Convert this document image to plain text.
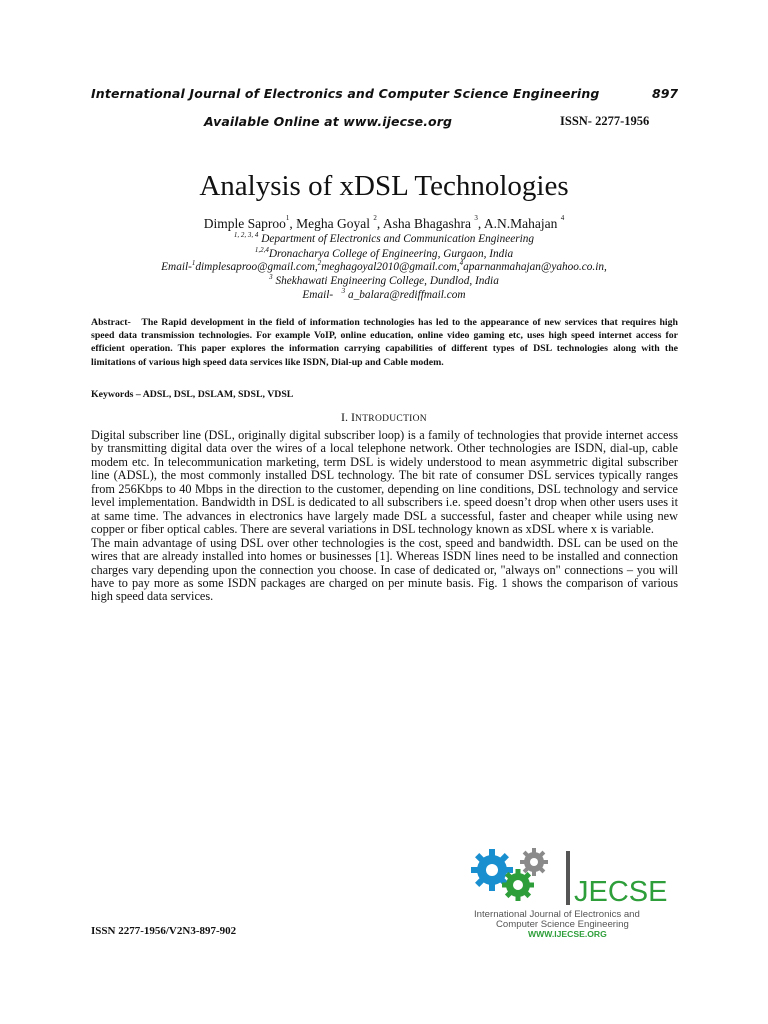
International Journal of Electronics and Computer Science Engineering	897
Available Online at www.ijecse.org	ISSN- 2277-1956
Analysis of xDSL Technologies
Dimple Saproo$^1$, Megha Goyal $^2$, Asha Bhagashra $^3$, A.N.Mahajan $^4$
$^{1, 2, 3, 4}$ Department of Electronics and Communication Engineering
$^{1,2,4}$Dronacharya College of Engineering, Gurgaon, India
Email-$^1$dimplesaproo@gmail.com,$^2$meghagoyal2010@gmail.com,$^4$aparnanmahajan@yahoo.co.in,
$^3$ Shekhawati Engineering College, Dundlod, India
Email- $^3$ a_balara@rediffmail.com
Abstract- The Rapid development in the field of information technologies has led to the appearance of new services that requires high speed data transmission technologies. For example VoIP, online education, online video gaming etc, uses high speed internet access for efficient operation. This paper explores the information carrying capabilities of different types of DSL technologies along with the limitations of various high speed data services like ISDN, Dial-up and Cable modem.
Keywords – ADSL, DSL, DSLAM, SDSL, VDSL
I. INTRODUCTION

Digital subscriber line (DSL, originally digital subscriber loop) is a family of technologies that provide internet access by transmitting digital data over the wires of a local telephone network. Other technologies are ISDN, dial-up, cable modem etc. In telecommunication marketing, term DSL is widely understood to mean asymmetric digital subscriber line (ADSL), the most commonly installed DSL technology. The bit rate of consumer DSL services typically ranges from 256Kbps to 40 Mbps in the direction to the customer, depending on line conditions, DSL technology and service level implementation. Bandwidth in DSL is dedicated to all subscribers i.e. speed doesn’t drop when other users uses it at same time. The advances in electronics have largely made DSL a successful, faster and cheaper while using new copper or fiber optical cables. There are several variations in DSL technology known as xDSL where x is variable.

The main advantage of using DSL over other technologies is the cost, speed and bandwidth. DSL can be used on the wires that are already installed into homes or businesses [1]. Whereas ISDN lines need to be installed and connection charges vary depending upon the connection you choose. In case of dedicated or, "always on" connections – you will have to pay more as some ISDN packages are charged on per minute basis. Fig. 1 shows the comparison of various high speed data services.

ISSN 2277-1956/V2N3-897-902
JECSE
International Journal of Electronics and
Computer Science Engineering
WWW.IJECSE.ORG
